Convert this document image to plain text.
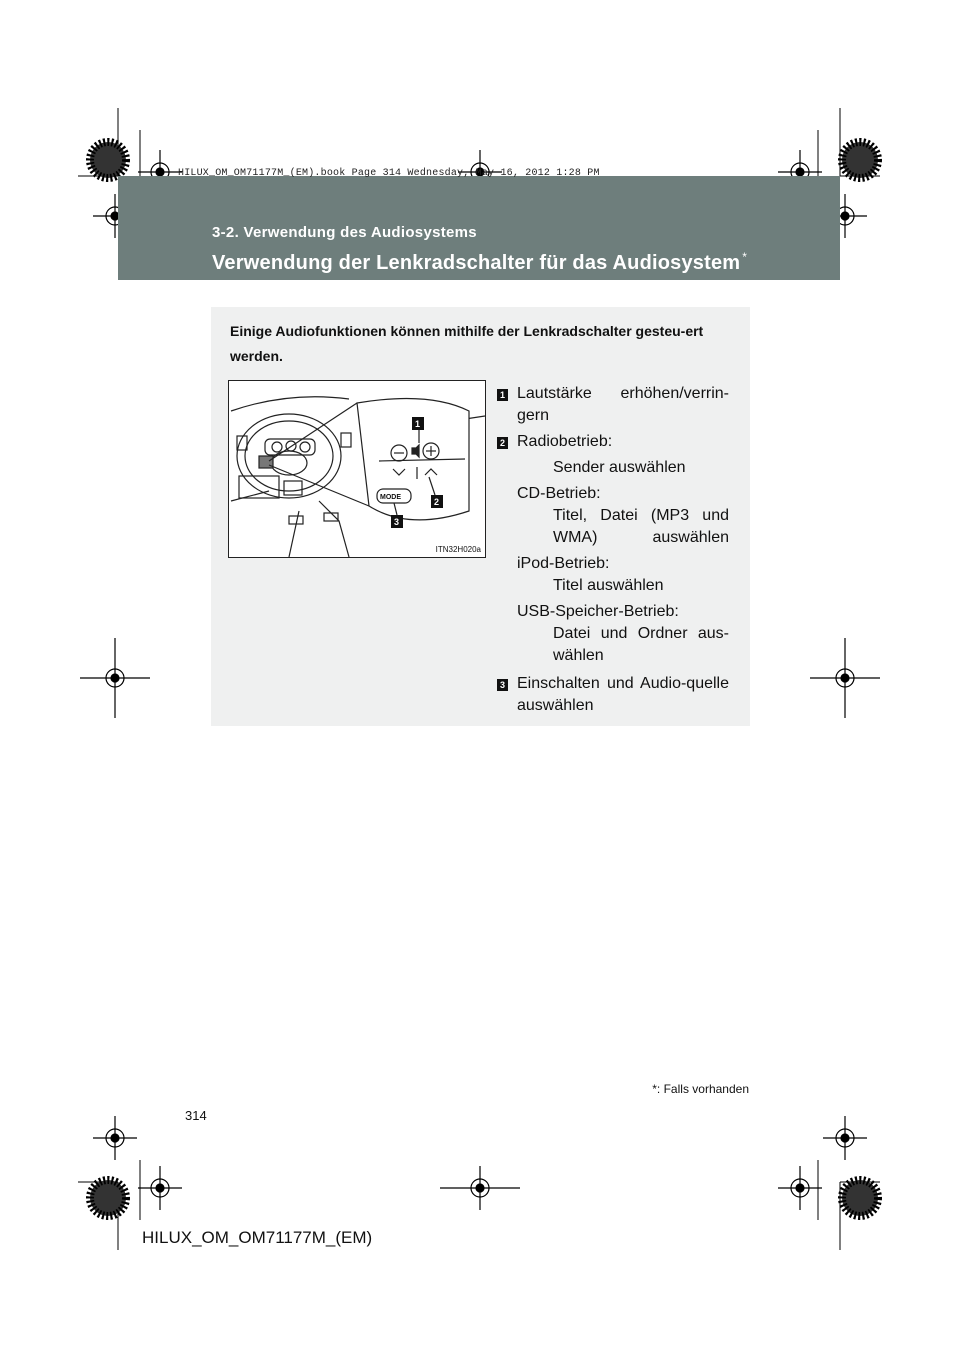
HILUX_OM_OM71177M_(EM).book Page 314 Wednesday, May 16, 2012 1:28 PM
3-2. Verwendung des Audiosystems
Verwendung der Lenkradschalter für das Audiosystem *
Einige Audiofunktionen können mithilfe der Lenkradschalter gesteu-ert werden.
MODE
1
2
3
ITN32H020a
1 Lautstärke erhöhen/verrin-gern
2 Radiobetrieb:
Sender auswählen
CD-Betrieb:
Titel, Datei (MP3 und WMA) auswählen
iPod-Betrieb:
Titel auswählen
USB-Speicher-Betrieb:
Datei und Ordner aus-wählen
3 Einschalten und Audio-quelle auswählen
*: Falls vorhanden
314
HILUX_OM_OM71177M_(EM)
